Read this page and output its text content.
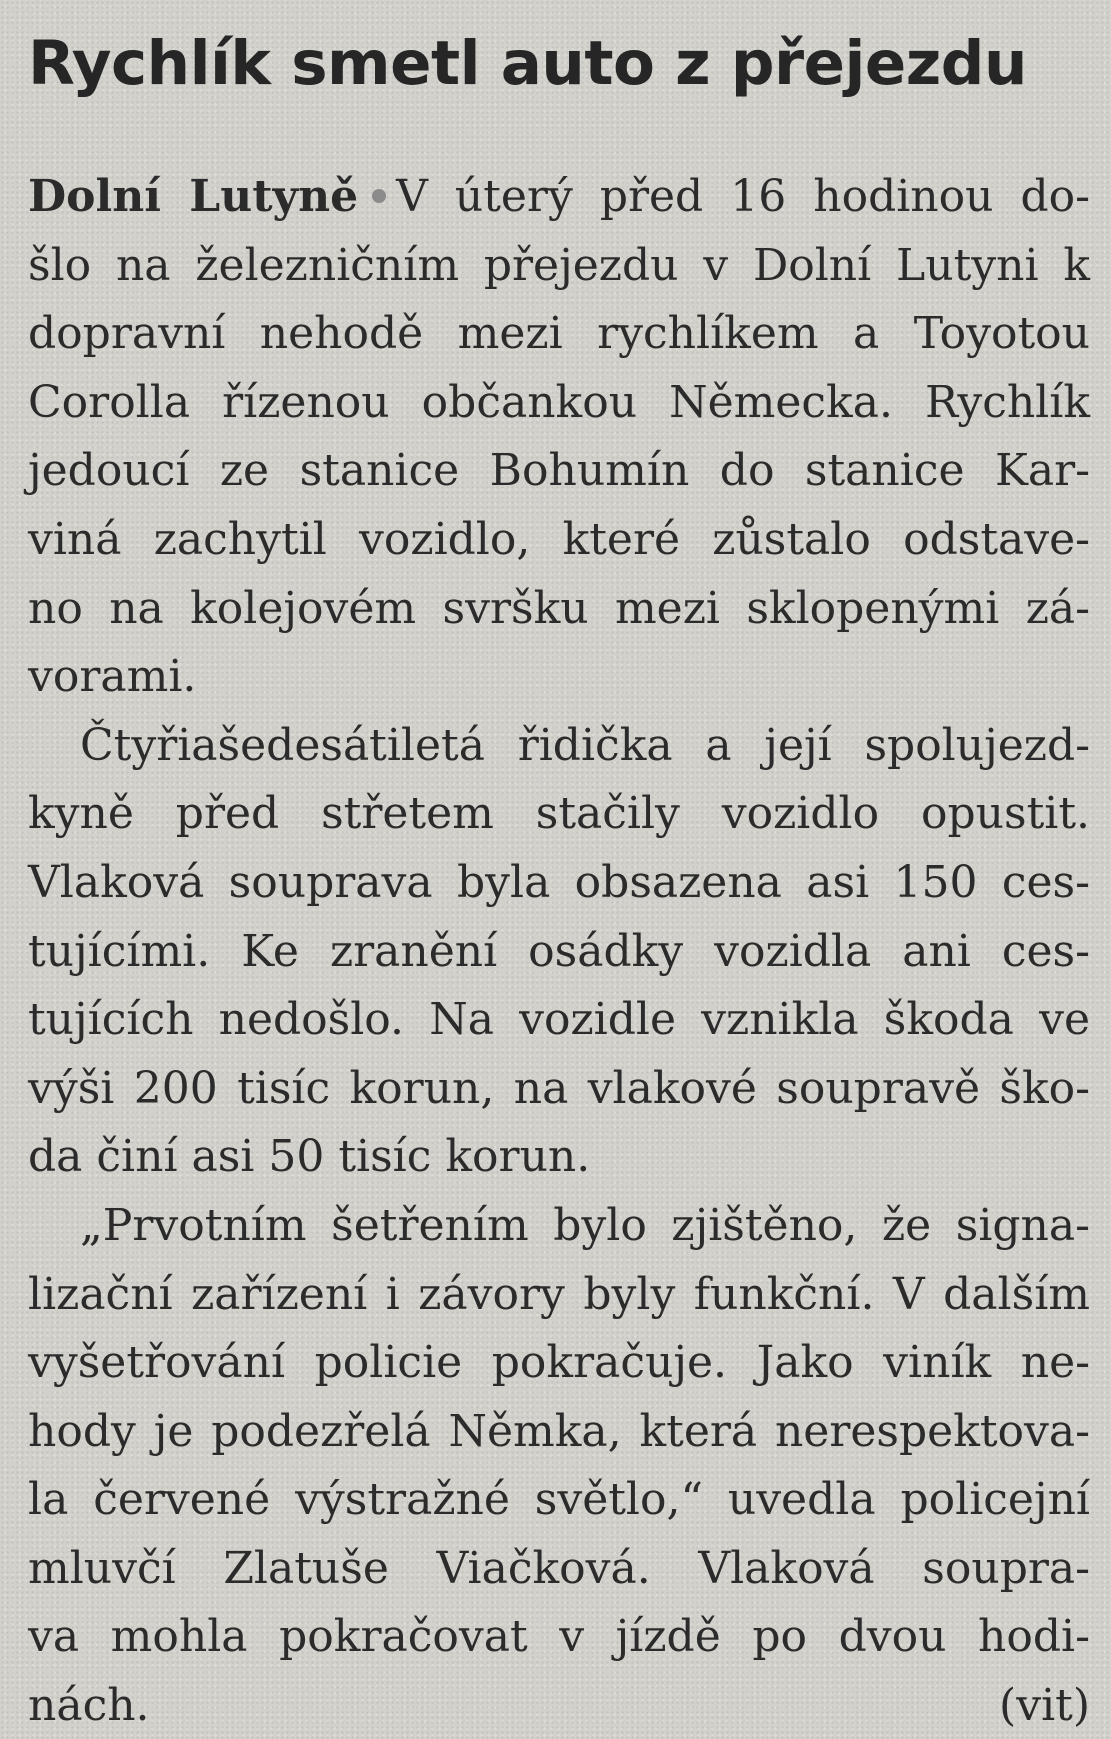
Rychlík smetl auto z přejezdu
Dolní Lutyně V úterý před 16 hodinou do-
šlo na železničním přejezdu v Dolní Lutyni k
dopravní nehodě mezi rychlíkem a Toyotou
Corolla řízenou občankou Německa. Rychlík
jedoucí ze stanice Bohumín do stanice Kar-
viná zachytil vozidlo, které zůstalo odstave-
no na kolejovém svršku mezi sklopenými zá-
vorami.
Čtyřiašedesátiletá řidička a její spolujezd-
kyně před střetem stačily vozidlo opustit.
Vlaková souprava byla obsazena asi 150 ces-
tujícími. Ke zranění osádky vozidla ani ces-
tujících nedošlo. Na vozidle vznikla škoda ve
výši 200 tisíc korun, na vlakové soupravě ško-
da činí asi 50 tisíc korun.
„Prvotním šetřením bylo zjištěno, že signa-
lizační zařízení i závory byly funkční. V dalším
vyšetřování policie pokračuje. Jako viník ne-
hody je podezřelá Němka, která nerespektova-
la červené výstražné světlo,“ uvedla policejní
mluvčí Zlatuše Viačková. Vlaková soupra-
va mohla pokračovat v jízdě po dvou hodi-
nách.	(vit)
